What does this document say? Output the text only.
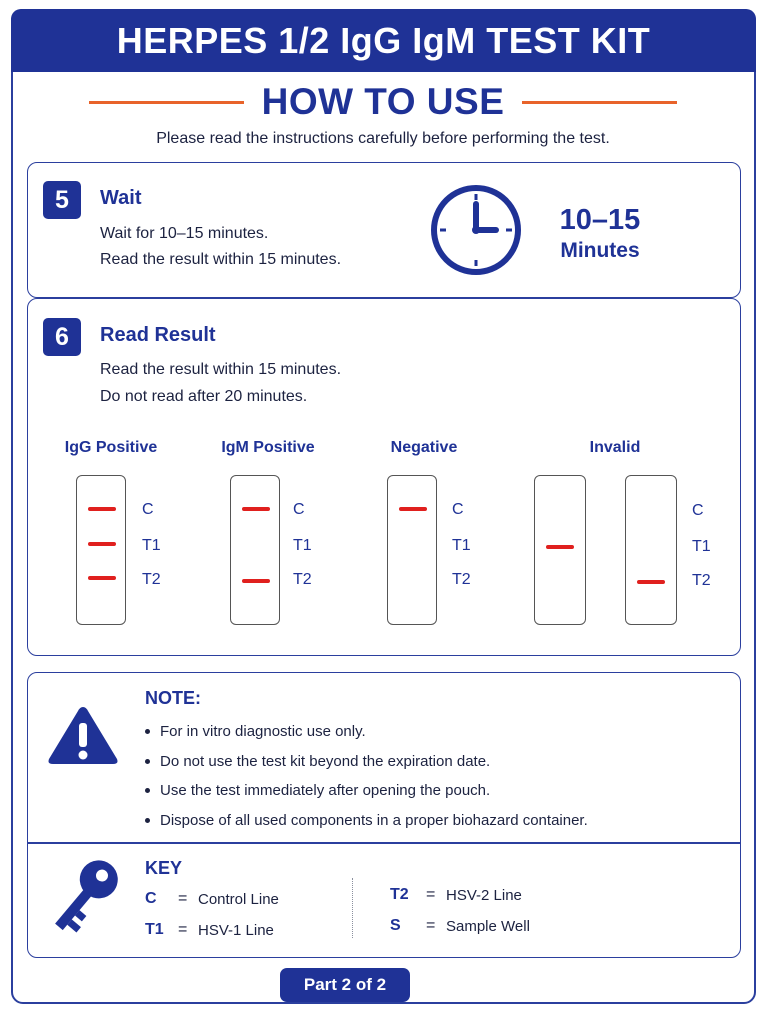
HERPES 1/2 IgG IgM TEST KIT
HOW TO USE
Please read the instructions carefully before performing the test.
5	Wait
Wait for 10–15 minutes.
Read the result within 15 minutes.
10–15
Minutes
6	Read Result
Read the result within 15 minutes.
Do not read after 20 minutes.
IgG Positive	IgM Positive	Negative	Invalid
C
T1
T2
C
T1
T2
C
T1
T2
C
T1
T2
NOTE:
For in vitro diagnostic use only.
Do not use the test kit beyond the expiration date.
Use the test immediately after opening the pouch.
Dispose of all used components in a proper biohazard container.
KEY
C = Control Line
T1 = HSV-1 Line
T2 = HSV-2 Line
S = Sample Well
Part 2 of 2
